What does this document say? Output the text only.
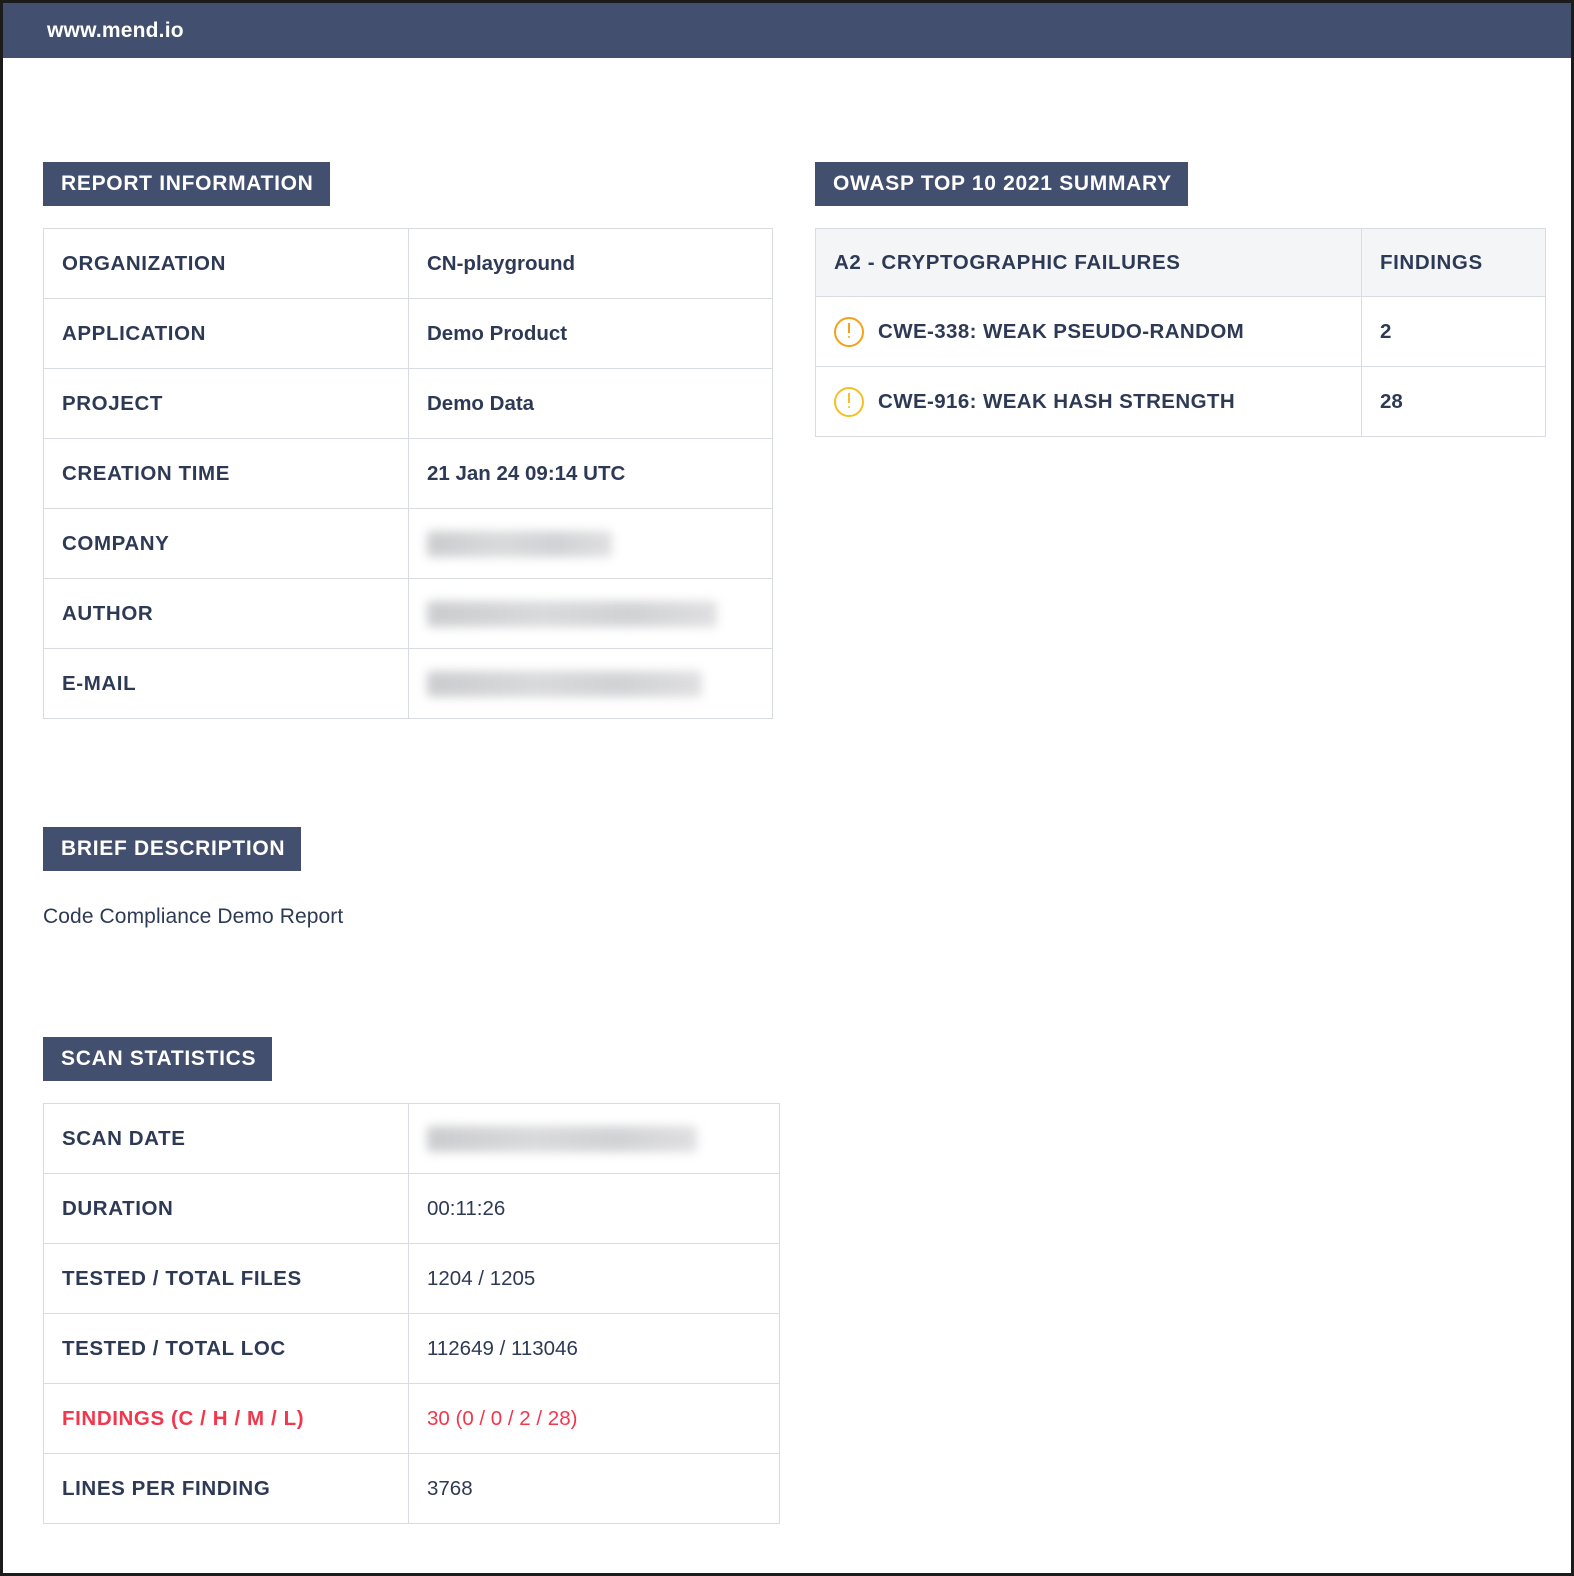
www.mend.io
REPORT INFORMATION
ORGANIZATION	CN-playground
APPLICATION	Demo Product
PROJECT	Demo Data
CREATION TIME	21 Jan 24 09:14 UTC
COMPANY	
AUTHOR	
E-MAIL	
OWASP TOP 10 2021 SUMMARY
A2 - CRYPTOGRAPHIC FAILURES	FINDINGS

CWE-338: WEAK PSEUDO-RANDOM	2

CWE-916: WEAK HASH STRENGTH	28
BRIEF DESCRIPTION
Code Compliance Demo Report
SCAN STATISTICS
SCAN DATE	
DURATION	00:11:26
TESTED / TOTAL FILES	1204 / 1205
TESTED / TOTAL LOC	112649 / 113046
FINDINGS (C / H / M / L)	30 (0 / 0 / 2 / 28)
LINES PER FINDING	3768
